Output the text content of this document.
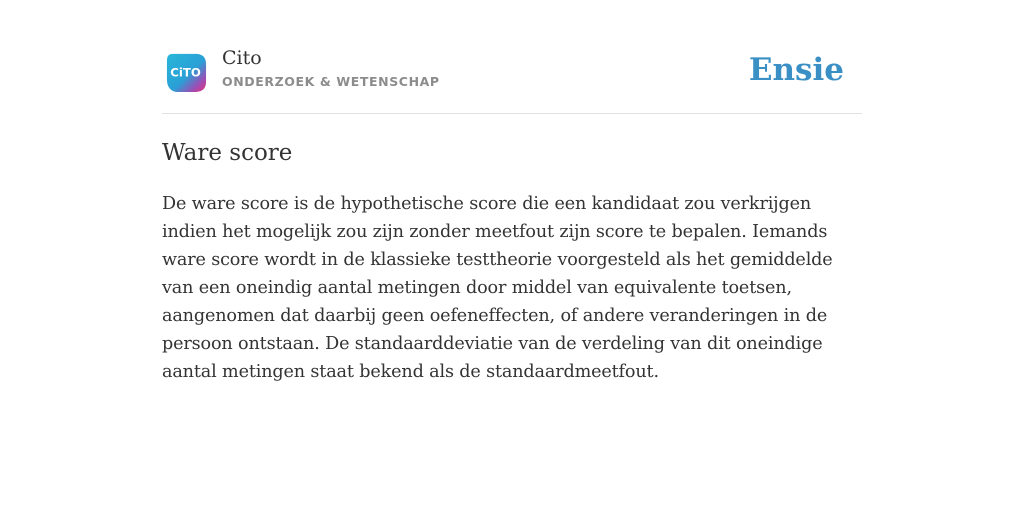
CiTO
Cito
ONDERZOEK & WETENSCHAP	Ensie
Ware score

De ware score is de hypothetische score die een kandidaat zou verkrijgen indien het mogelijk zou zijn zonder meetfout zijn score te bepalen. Iemands ware score wordt in de klassieke testtheorie voorgesteld als het gemiddelde van een oneindig aantal metingen door middel van equivalente toetsen, aangenomen dat daarbij geen oefeneffecten, of andere veranderingen in de persoon ontstaan. De standaarddeviatie van de verdeling van dit oneindige aantal metingen staat bekend als de standaardmeetfout.
